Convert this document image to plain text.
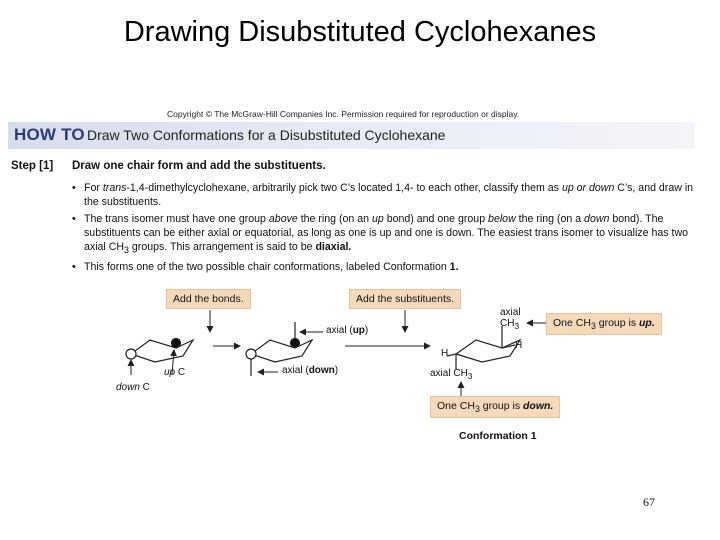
Drawing Disubstituted Cyclohexanes
Copyright © The McGraw-Hill Companies Inc. Permission required for reproduction or display.
HOW TO Draw Two Conformations for a Disubstituted Cyclohexane
Step [1] Draw one chair form and add the substituents.
• For trans-1,4-dimethylcyclohexane, arbitrarily pick two C’s located 1,4- to each other, classify them as up or down C’s, and draw in the substituents.
• The trans isomer must have one group above the ring (on an up bond) and one group below the ring (on a down bond). The substituents can be either axial or equatorial, as long as one is up and one is down. The easiest trans isomer to visualize has two axial $CH_3$ groups. This arrangement is said to be diaxial.
• This forms one of the two possible chair conformations, labeled Conformation 1.
Add the bonds.	Add the substituents.
One $CH_3$ group is up.
One $CH_3$ group is down.
axial (up)
axial (down)
up C
down C
axial
$CH_3$
H
H
axial $CH_3$
Conformation 1
67
